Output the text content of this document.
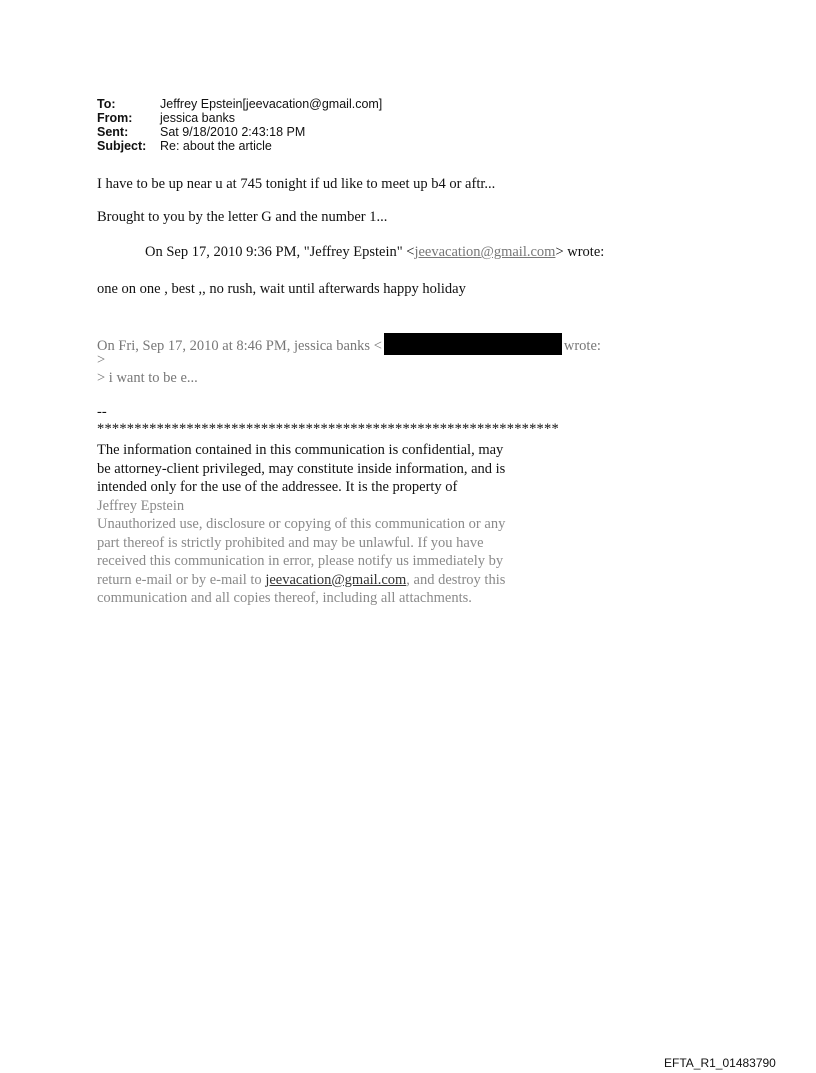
To:	Jeffrey Epstein[jeevacation@gmail.com]
From:	jessica banks
Sent:	Sat 9/18/2010 2:43:18 PM
Subject:	Re: about the article
I have to be up near u at 745 tonight if ud like to meet up b4 or aftr...
Brought to you by the letter G and the number 1...
On Sep 17, 2010 9:36 PM, "Jeffrey Epstein" <jeevacation@gmail.com> wrote:
one on one , best ,, no rush, wait until afterwards happy holiday
On Fri, Sep 17, 2010 at 8:46 PM, jessica banks <	wrote:
>
> i want to be e...
--
**************************************************************
The information contained in this communication is confidential, may be attorney-client privileged, may constitute inside information, and is intended only for the use of the addressee. It is the property of
Jeffrey Epstein
Unauthorized use, disclosure or copying of this communication or any part thereof is strictly prohibited and may be unlawful. If you have received this communication in error, please notify us immediately by return e-mail or by e-mail to jeevacation@gmail.com, and destroy this communication and all copies thereof, including all attachments.
EFTA_R1_01483790
